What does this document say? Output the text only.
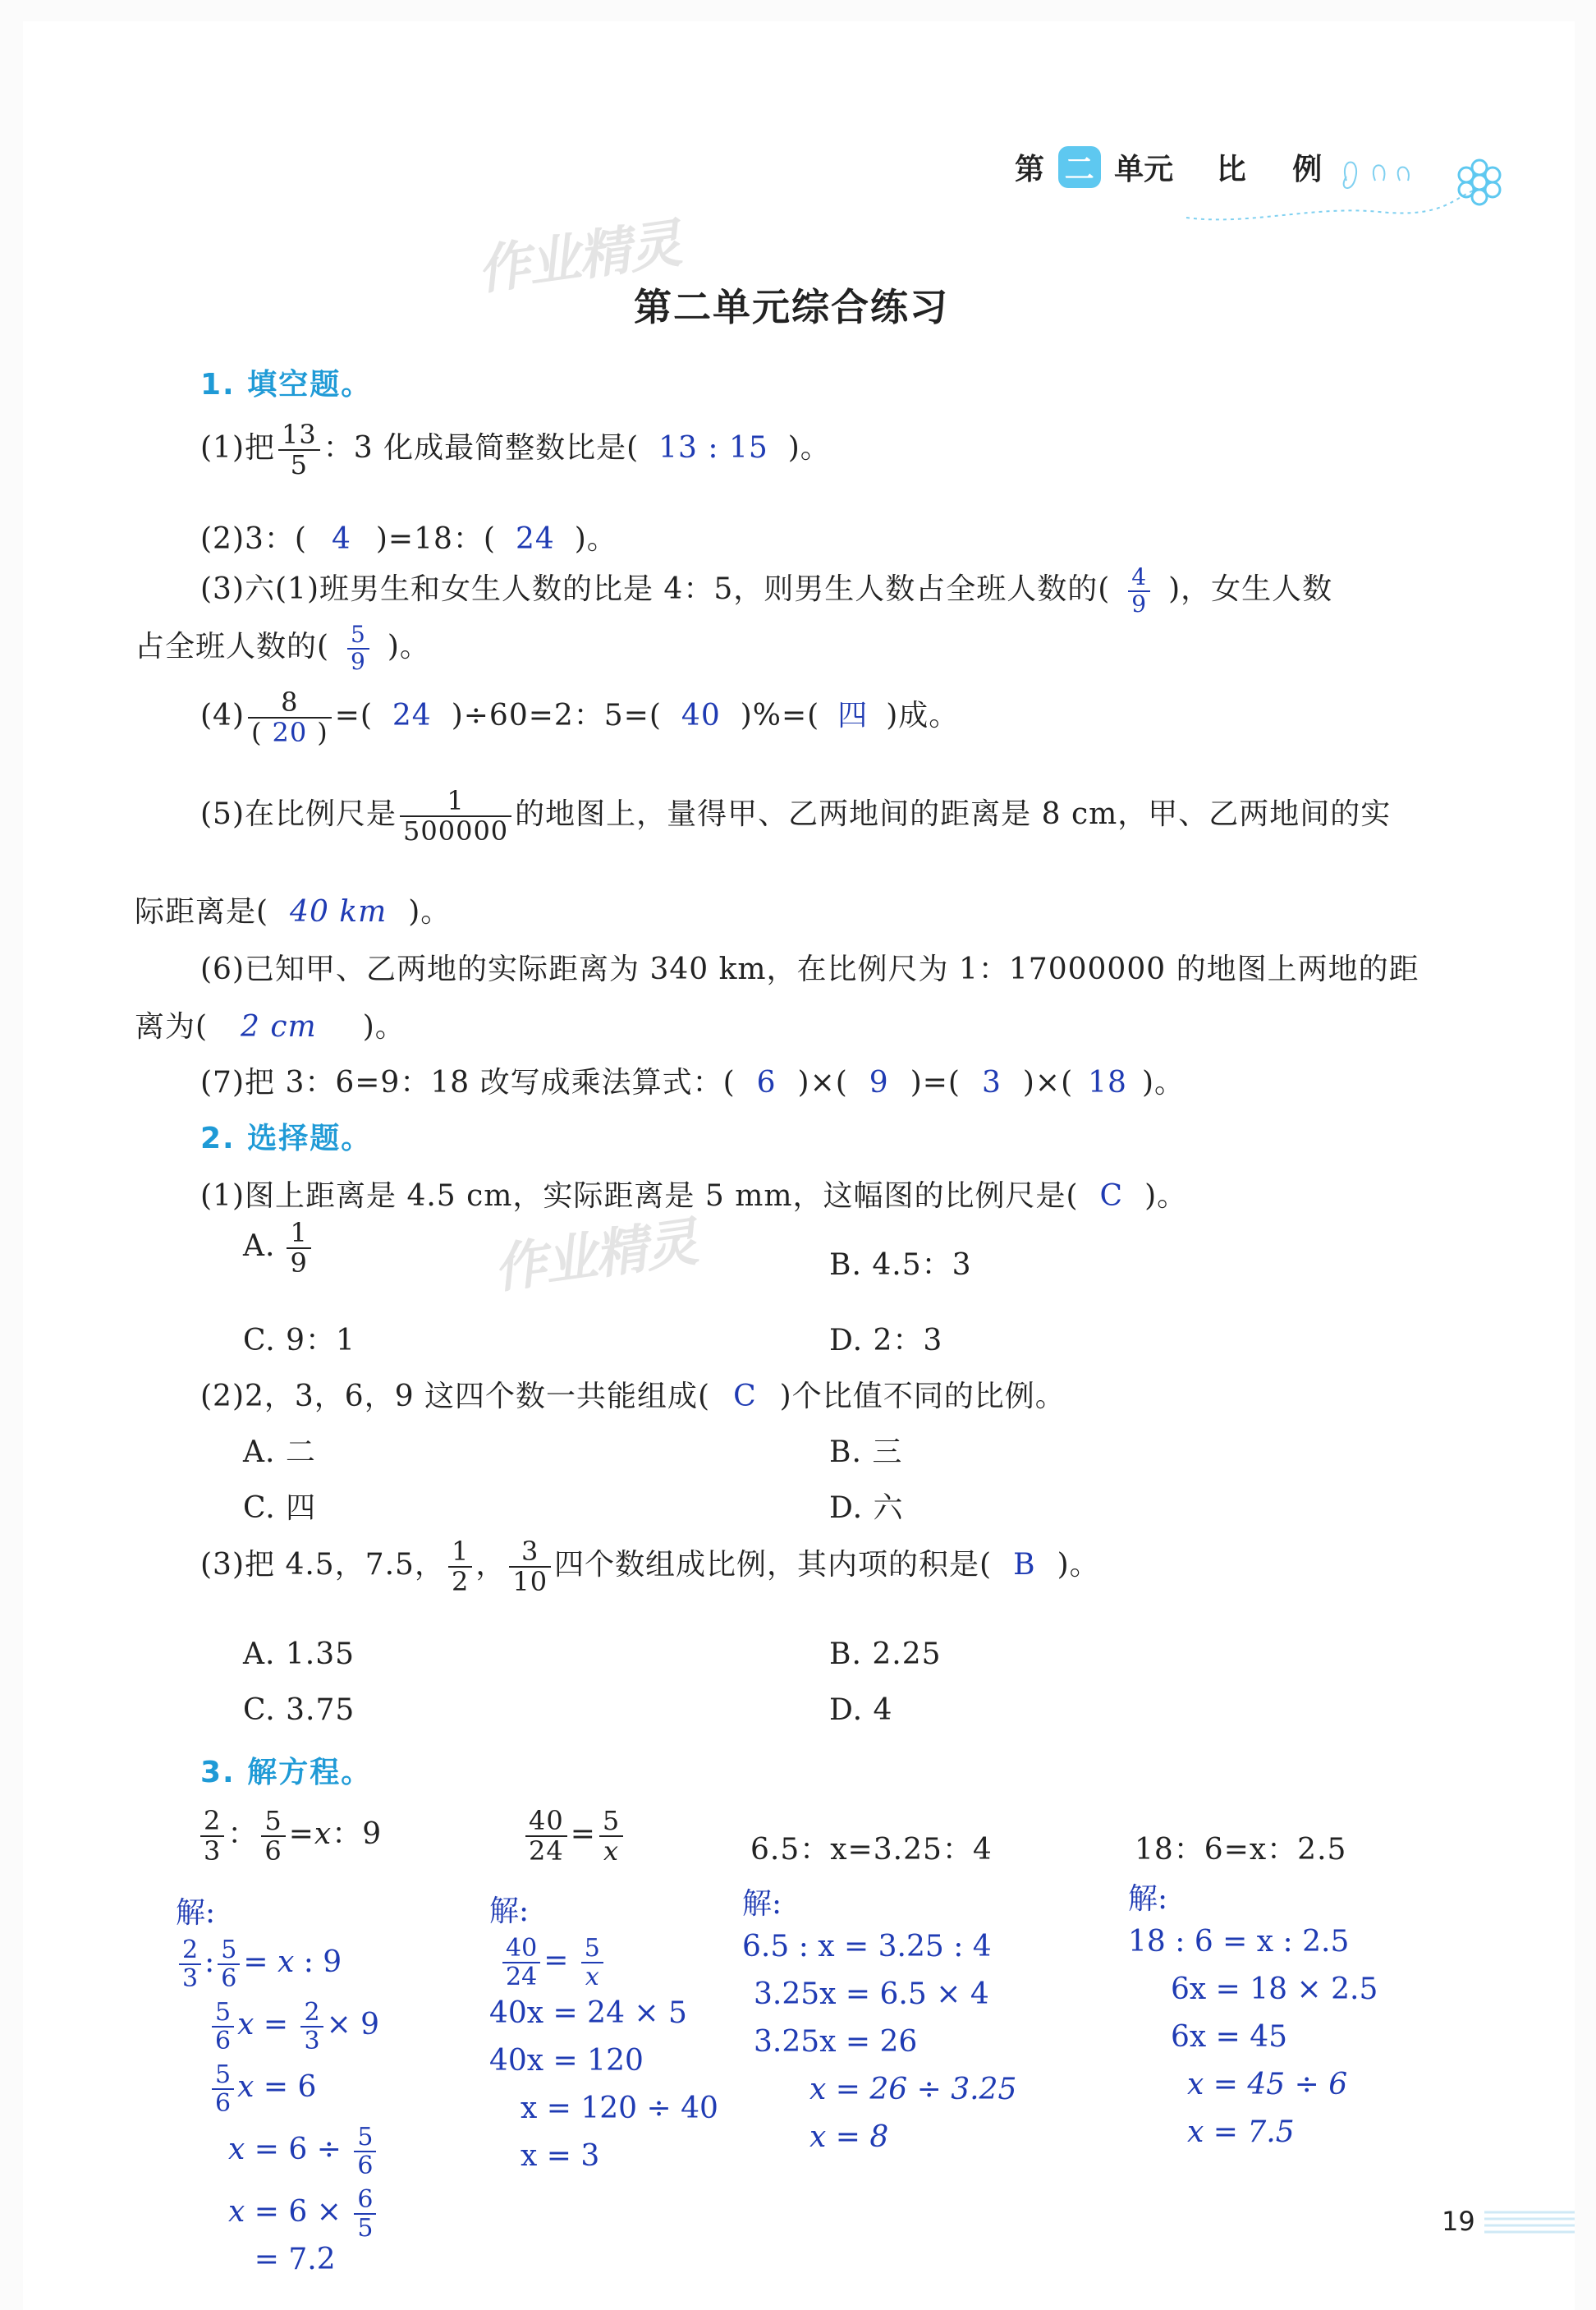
第 二 单元 比 例
作业精灵
作业精灵
第二单元综合练习
1. 填空题。
(1)把 $\frac{13}{5}$ ：3 化成最简整数比是( 13 : 15 )。
(2)3：( 4 )=18：( 24 )。
(3)六(1)班男生和女生人数的比是 4：5，则男生人数占全班人数的( $\frac{4}{9}$ )，女生人数
占全班人数的( $\frac{5}{9}$ )。
$(4) \frac{8}{( 20 )}$ =( 24 )÷60=2：5=( 40 )%=( 四 )成。
(5)在比例尺是 $\frac{1}{500000}$ 的地图上，量得甲、乙两地间的距离是 8 cm，甲、乙两地间的实
际距离是( 40 km )。
(6)已知甲、乙两地的实际距离为 340 km，在比例尺为 1：17000000 的地图上两地的距
离为( 2 cm )。
(7)把 3：6=9：18 改写成乘法算式：( 6 )×( 9 )=( 3 )×( 18 )。
2. 选择题。
(1)图上距离是 4.5 cm，实际距离是 5 mm，这幅图的比例尺是( C )。
A. $\frac{1}{9}$	B. 4.5：3
C. 9：1	D. 2：3
(2)2，3，6，9 这四个数一共能组成( C )个比值不同的比例。
A. 二	B. 三
C. 四	D. 六
(3)把 4.5，7.5， $\frac{1}{2}$ ， $\frac{3}{10}$ 四个数组成比例，其内项的积是( B )。
A. 1.35	B. 2.25
C. 3.75	D. 4
3. 解方程。
$\frac{2}{3}$ ： $\frac{5}{6} =x$：9	$\frac{40}{24} = \frac{5}{x}$	6.5：x=3.25：4	18：6=x：2.5
解:
$\frac{2}{3}$ : $\frac{5}{6} = x$ : 9
$\frac{5}{6}$ $x = \frac{2}{3} \times 9$
$\frac{5}{6}$ x = 6
$x = 6 \div \frac{5}{6}$
$x = 6 \times \frac{6}{5}$
= 7.2
解:
$\frac{40}{24} = \frac{5}{x}$
40x = 24 × 5
40x = 120
x = 120 ÷ 40
x = 3
解:
6.5 : x = 3.25 : 4
3.25x = 6.5 × 4
3.25x = 26
x = 26 ÷ 3.25
x = 8
解:
18 : 6 = x : 2.5
6x = 18 × 2.5
6x = 45
x = 45 ÷ 6
x = 7.5
19
